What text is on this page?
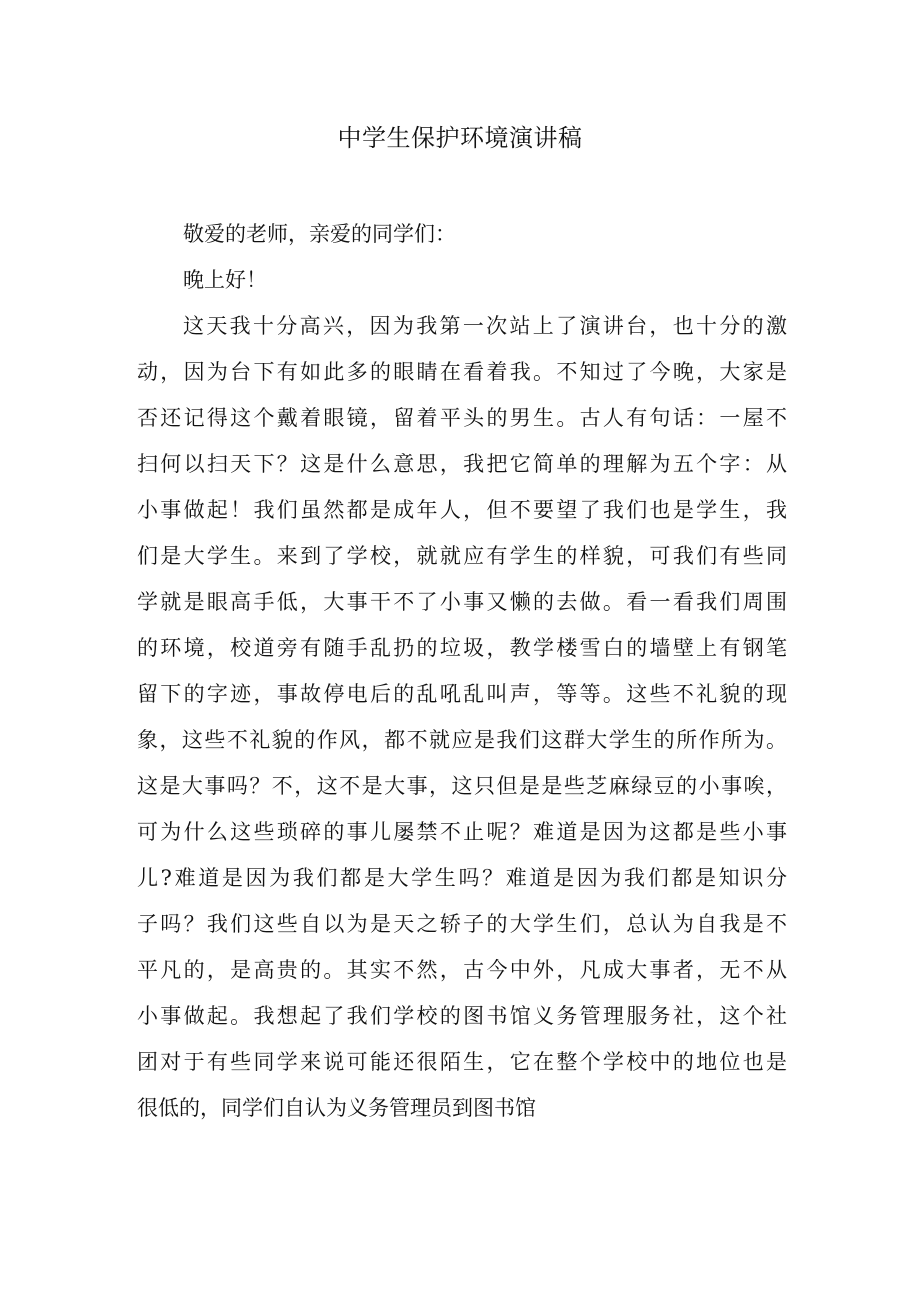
中学生保护环境演讲稿
敬爱的老师，亲爱的同学们：
晚上好！
这天我十分高兴，因为我第一次站上了演讲台，也十分的激
动，因为台下有如此多的眼睛在看着我。不知过了今晚，大家是
否还记得这个戴着眼镜，留着平头的男生。古人有句话：一屋不
扫何以扫天下？这是什么意思，我把它简单的理解为五个字：从
小事做起！我们虽然都是成年人，但不要望了我们也是学生，我
们是大学生。来到了学校，就就应有学生的样貌，可我们有些同
学就是眼高手低，大事干不了小事又懒的去做。看一看我们周围
的环境，校道旁有随手乱扔的垃圾，教学楼雪白的墙壁上有钢笔
留下的字迹，事故停电后的乱吼乱叫声，等等。这些不礼貌的现
象，这些不礼貌的作风，都不就应是我们这群大学生的所作所为。
这是大事吗？不，这不是大事，这只但是是些芝麻绿豆的小事唉，
可为什么这些琐碎的事儿屡禁不止呢？难道是因为这都是些小事
儿?难道是因为我们都是大学生吗？难道是因为我们都是知识分
子吗？我们这些自以为是天之轿子的大学生们，总认为自我是不
平凡的，是高贵的。其实不然，古今中外，凡成大事者，无不从
小事做起。我想起了我们学校的图书馆义务管理服务社，这个社
团对于有些同学来说可能还很陌生，它在整个学校中的地位也是
很低的，同学们自认为义务管理员到图书馆
